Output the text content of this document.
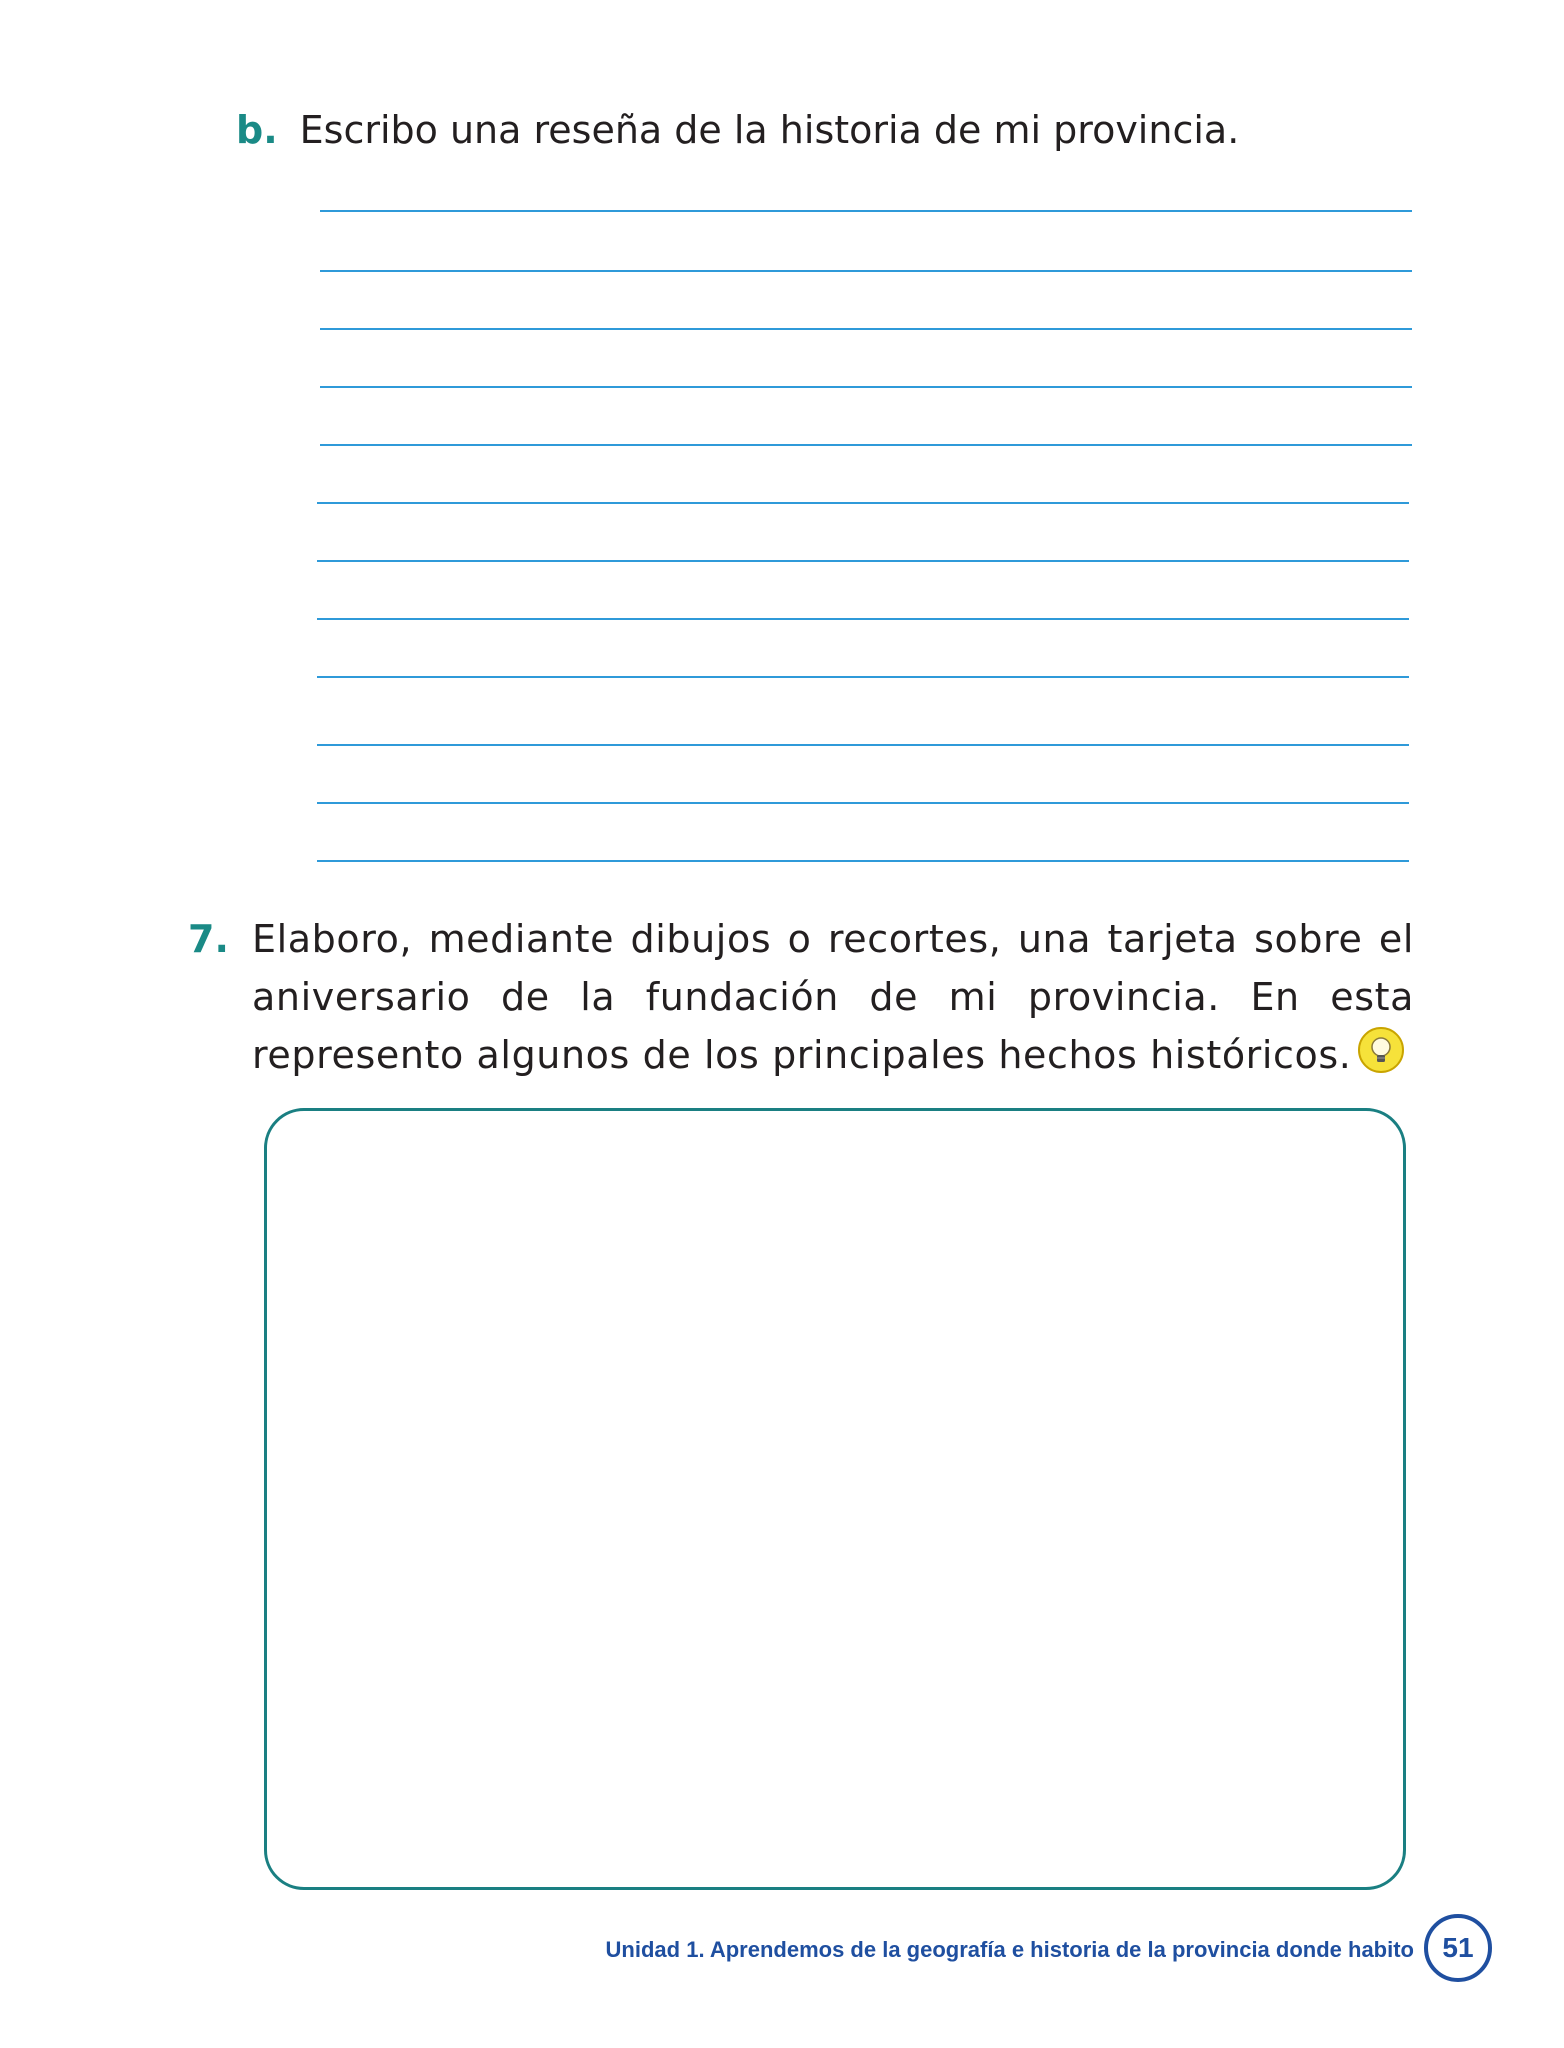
b. Escribo una reseña de la historia de mi provincia.
7. Elaboro, mediante dibujos o recortes, una tarjeta sobre el aniversario de la fundación de mi provincia. En esta represento algunos de los principales hechos históricos.
Unidad 1. Aprendemos de la geografía e historia de la provincia donde habito	51
